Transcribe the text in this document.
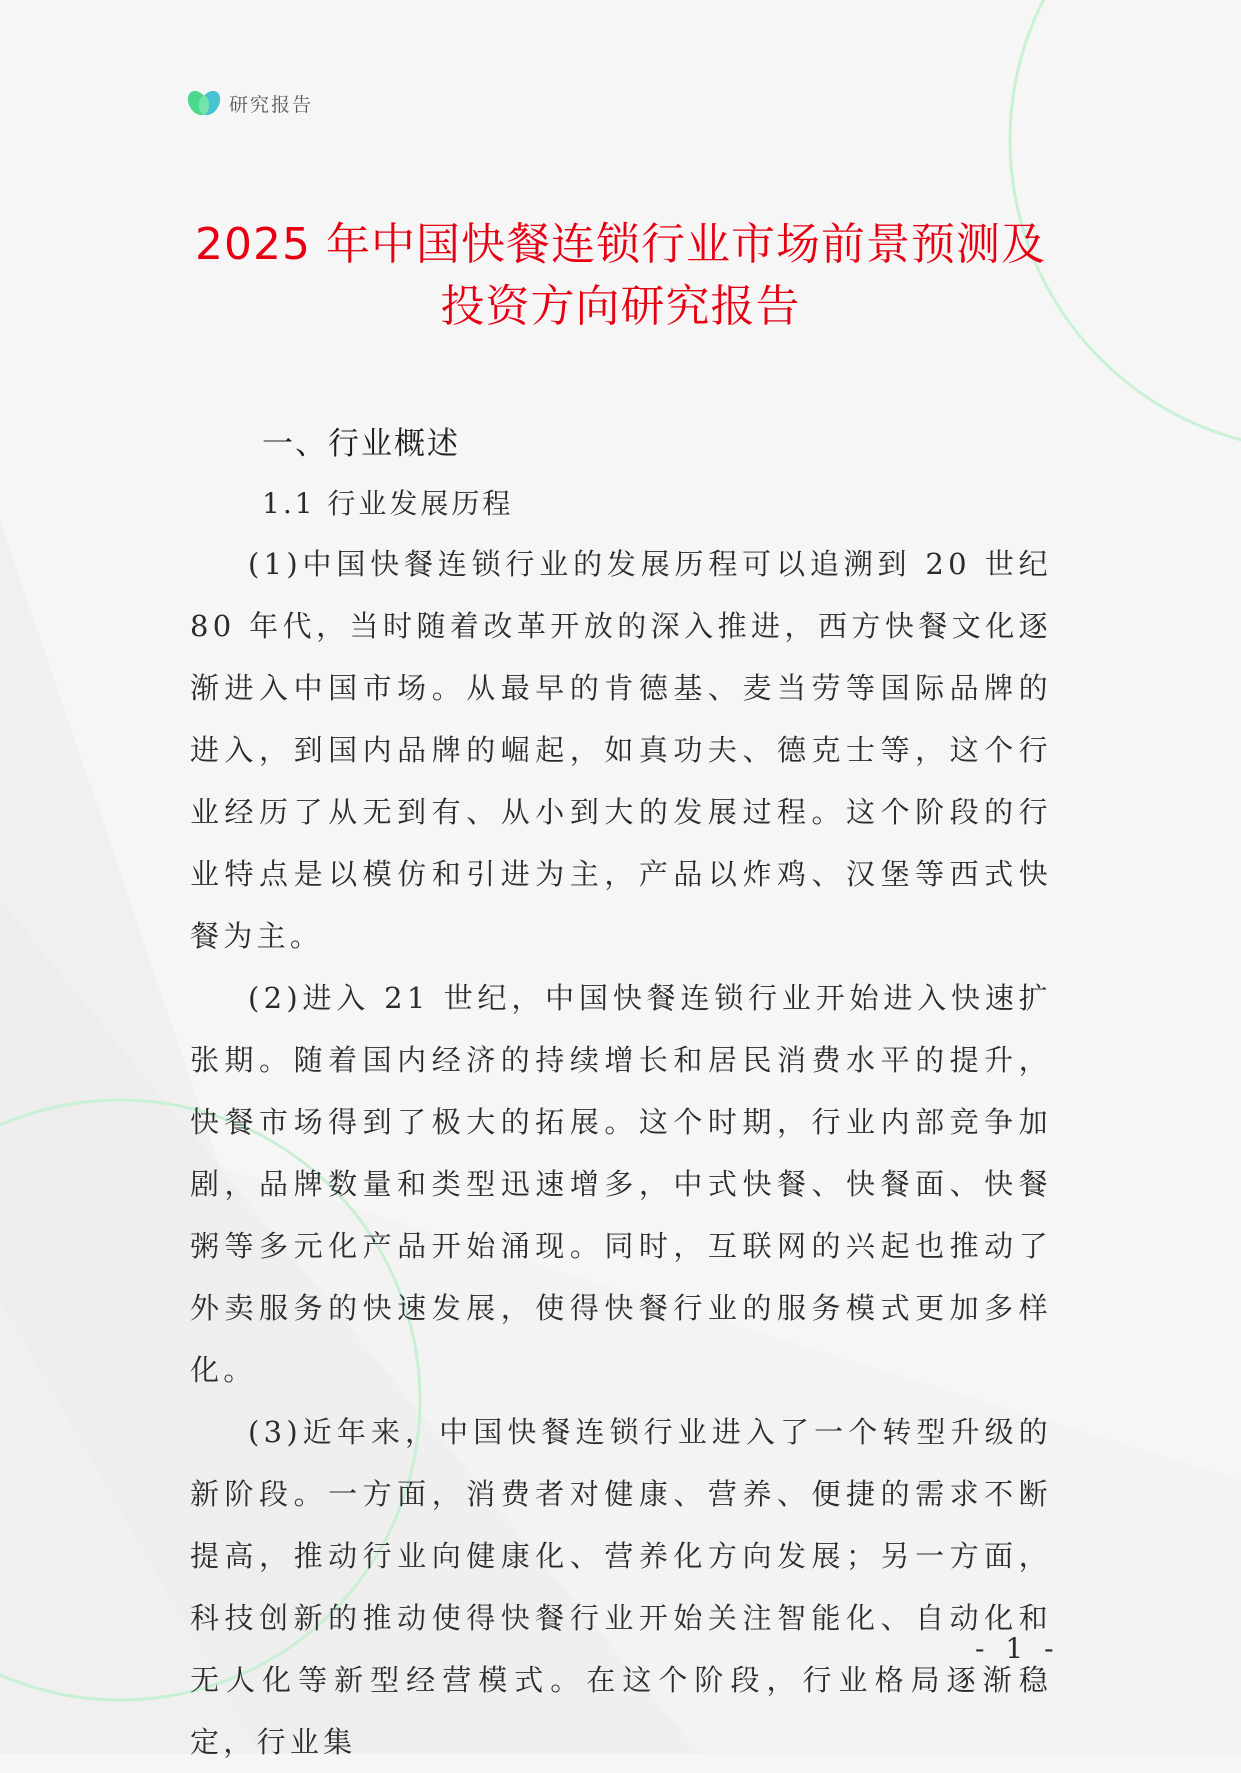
研究报告
2025 年中国快餐连锁行业市场前景预测及
投资方向研究报告
一、行业概述
1.1 行业发展历程

(1)中国快餐连锁行业的发展历程可以追溯到 20 世纪 80 年代，当时随着改革开放的深入推进，西方快餐文化逐渐进入中国市场。从最早的肯德基、麦当劳等国际品牌的进入，到国内品牌的崛起，如真功夫、德克士等，这个行业经历了从无到有、从小到大的发展过程。这个阶段的行业特点是以模仿和引进为主，产品以炸鸡、汉堡等西式快餐为主。

(2)进入 21 世纪，中国快餐连锁行业开始进入快速扩张期。随着国内经济的持续增长和居民消费水平的提升，快餐市场得到了极大的拓展。这个时期，行业内部竞争加剧，品牌数量和类型迅速增多，中式快餐、快餐面、快餐粥等多元化产品开始涌现。同时，互联网的兴起也推动了外卖服务的快速发展，使得快餐行业的服务模式更加多样化。

(3)近年来，中国快餐连锁行业进入了一个转型升级的新阶段。一方面，消费者对健康、营养、便捷的需求不断提高，推动行业向健康化、营养化方向发展；另一方面，科技创新的推动使得快餐行业开始关注智能化、自动化和无人化等新型经营模式。在这个阶段，行业格局逐渐稳定，行业集

- 1 -
